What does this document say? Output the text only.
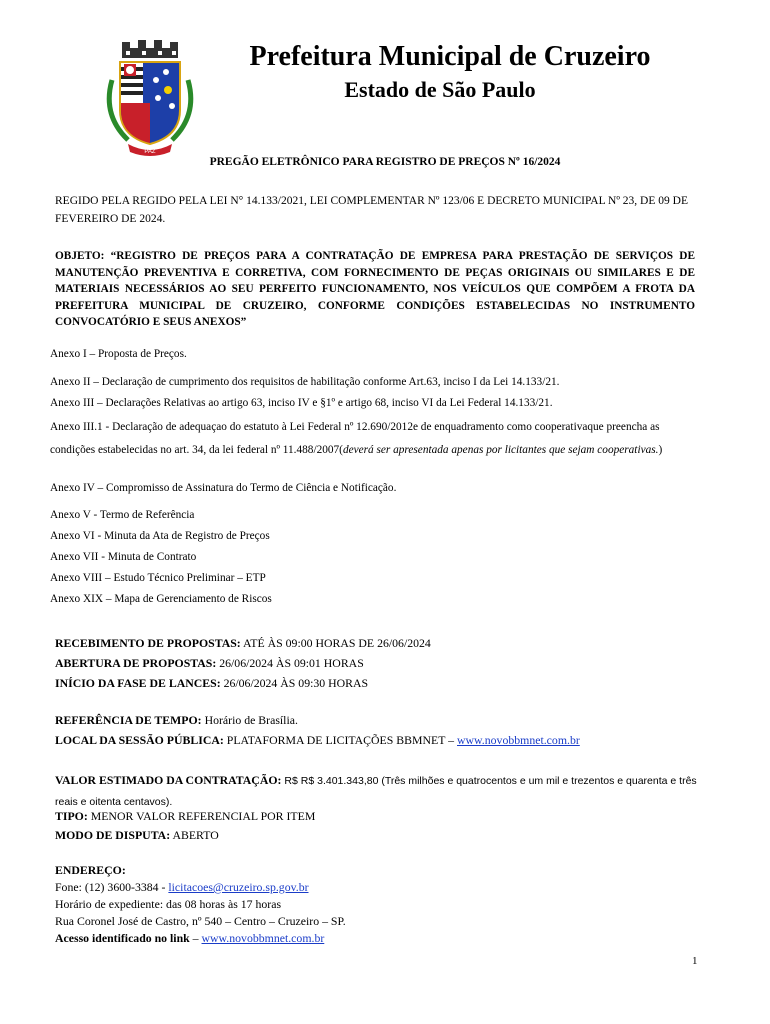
PAZ
Prefeitura Municipal de Cruzeiro
Estado de São Paulo

PREGÃO ELETRÔNICO PARA REGISTRO DE PREÇOS Nº 16/2024

REGIDO PELA REGIDO PELA LEI N° 14.133/2021, LEI COMPLEMENTAR Nº 123/06 E DECRETO MUNICIPAL Nº 23, DE 09 DE FEVEREIRO DE 2024.

OBJETO: “REGISTRO DE PREÇOS PARA A CONTRATAÇÃO DE EMPRESA PARA PRESTAÇÃO DE SERVIÇOS DE MANUTENÇÃO PREVENTIVA E CORRETIVA, COM FORNECIMENTO DE PEÇAS ORIGINAIS OU SIMILARES E DE MATERIAIS NECESSÁRIOS AO SEU PERFEITO FUNCIONAMENTO, NOS VEÍCULOS QUE COMPÕEM A FROTA DA PREFEITURA MUNICIPAL DE CRUZEIRO, CONFORME CONDIÇÕES ESTABELECIDAS NO INSTRUMENTO CONVOCATÓRIO E SEUS ANEXOS”

Anexo I – Proposta de Preços.

Anexo II – Declaração de cumprimento dos requisitos de habilitação conforme Art.63, inciso I da Lei 14.133/21.

Anexo III – Declarações Relativas ao artigo 63, inciso IV e §1º e artigo 68, inciso VI da Lei Federal 14.133/21.

Anexo III.1 - Declaração de adequaçao do estatuto à Lei Federal nº 12.690/2012e de enquadramento como cooperativaque preencha as condições estabelecidas no art. 34, da lei federal nº 11.488/2007(deverá ser apresentada apenas por licitantes que sejam cooperativas.)

Anexo IV – Compromisso de Assinatura do Termo de Ciência e Notificação.

Anexo V - Termo de Referência

Anexo VI - Minuta da Ata de Registro de Preços

Anexo VII - Minuta de Contrato

Anexo VIII – Estudo Técnico Preliminar – ETP

Anexo XIX – Mapa de Gerenciamento de Riscos

RECEBIMENTO DE PROPOSTAS: ATÉ ÀS 09:00 HORAS DE 26/06/2024

ABERTURA DE PROPOSTAS: 26/06/2024 ÀS 09:01 HORAS

INÍCIO DA FASE DE LANCES: 26/06/2024 ÀS 09:30 HORAS

REFERÊNCIA DE TEMPO: Horário de Brasília.

LOCAL DA SESSÃO PÚBLICA: PLATAFORMA DE LICITAÇÕES BBMNET – www.novobbmnet.com.br

VALOR ESTIMADO DA CONTRATAÇÃO: R$ R$ 3.401.343,80 (Três milhões e quatrocentos e um mil e trezentos e quarenta e três reais e oitenta centavos).

TIPO: MENOR VALOR REFERENCIAL POR ITEM

MODO DE DISPUTA: ABERTO

ENDEREÇO:
Fone: (12) 3600-3384 - licitacoes@cruzeiro.sp.gov.br
Horário de expediente: das 08 horas às 17 horas
Rua Coronel José de Castro, nº 540 – Centro – Cruzeiro – SP.
Acesso identificado no link – www.novobbmnet.com.br
1
